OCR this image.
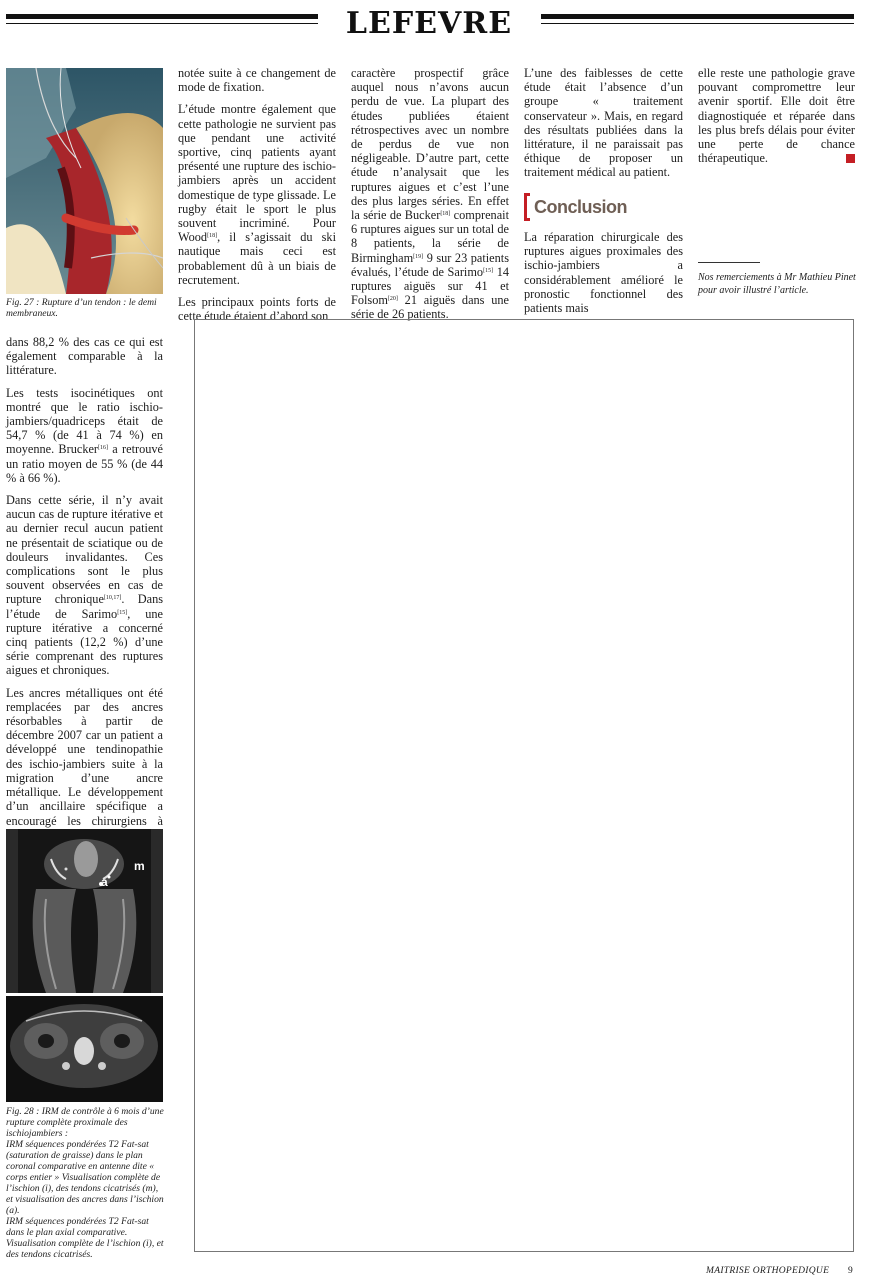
LEFEVRE
Fig. 27 : Rupture d’un tendon : le demi membraneux.

dans 88,2 % des cas ce qui est également comparable à la littérature.

Les tests isocinétiques ont montré que le ratio ischio-jambiers/quadriceps était de 54,7 % (de 41 à 74 %) en moyenne. Brucker[16] a retrouvé un ratio moyen de 55 % (de 44 % à 66 %).

Dans cette série, il n’y avait aucun cas de rupture itérative et au dernier recul aucun patient ne présentait de sciatique ou de douleurs invalidantes. Ces complications sont le plus souvent observées en cas de rupture chronique[10,17]. Dans l’étude de Sarimo[15], une rupture itérative a concerné cinq patients (12,2 %) d’une série comprenant des ruptures aigues et chroniques.

Les ancres métalliques ont été remplacées par des ancres résorbables à partir de décembre 2007 car un patient a développé une tendinopathie des ischio-jambiers suite à la migration d’une ancre métallique. Le développement d’un ancillaire spécifique a encouragé les chirurgiens à

a
m
Fig. 28 : IRM de contrôle à 6 mois d’une rupture complète proximale des ischiojambiers :
IRM séquences pondérées T2 Fat-sat (saturation de graisse) dans le plan coronal comparative en antenne dite « corps entier » Visualisation complète de l’ischion (i), des tendons cicatrisés (m), et visualisation des ancres dans l’ischion (a).
IRM séquences pondérées T2 Fat-sat dans le plan axial comparative. Visualisation complète de l’ischion (i), et des tendons cicatrisés.

notée suite à ce changement de mode de fixation.

L’étude montre également que cette pathologie ne survient pas que pendant une activité sportive, cinq patients ayant présenté une rupture des ischio-jambiers après un accident domestique de type glissade. Le rugby était le sport le plus souvent incriminé. Pour Wood[18], il s’agissait du ski nautique mais ceci est probablement dû à un biais de recrutement.

Les principaux points forts de cette étude étaient d’abord son

caractère prospectif grâce auquel nous n’avons aucun perdu de vue. La plupart des études publiées étaient rétrospectives avec un nombre de perdus de vue non négligeable. D’autre part, cette étude n’analysait que les ruptures aigues et c’est l’une des plus larges séries. En effet la série de Bucker[18] comprenait 6 ruptures aigues sur un total de 8 patients, la série de Birmingham[19] 9 sur 23 patients évalués, l’étude de Sarimo[15] 14 ruptures aiguës sur 41 et Folsom[20] 21 aiguës dans une série de 26 patients.

L’une des faiblesses de cette étude était l’absence d’un groupe « traitement conservateur ». Mais, en regard des résultats publiées dans la littérature, il ne paraissait pas éthique de proposer un traitement médical au patient.

Conclusion

La réparation chirurgicale des ruptures aigues proximales des ischio-jambiers a considérablement amélioré le pronostic fonctionnel des patients mais

elle reste une pathologie grave pouvant compromettre leur avenir sportif. Elle doit être diagnostiquée et réparée dans les plus brefs délais pour éviter une perte de chance thérapeutique.

Nos remerciements à Mr Mathieu Pinet pour avoir illustré l’article.
MAITRISE ORTHOPEDIQUE 9
